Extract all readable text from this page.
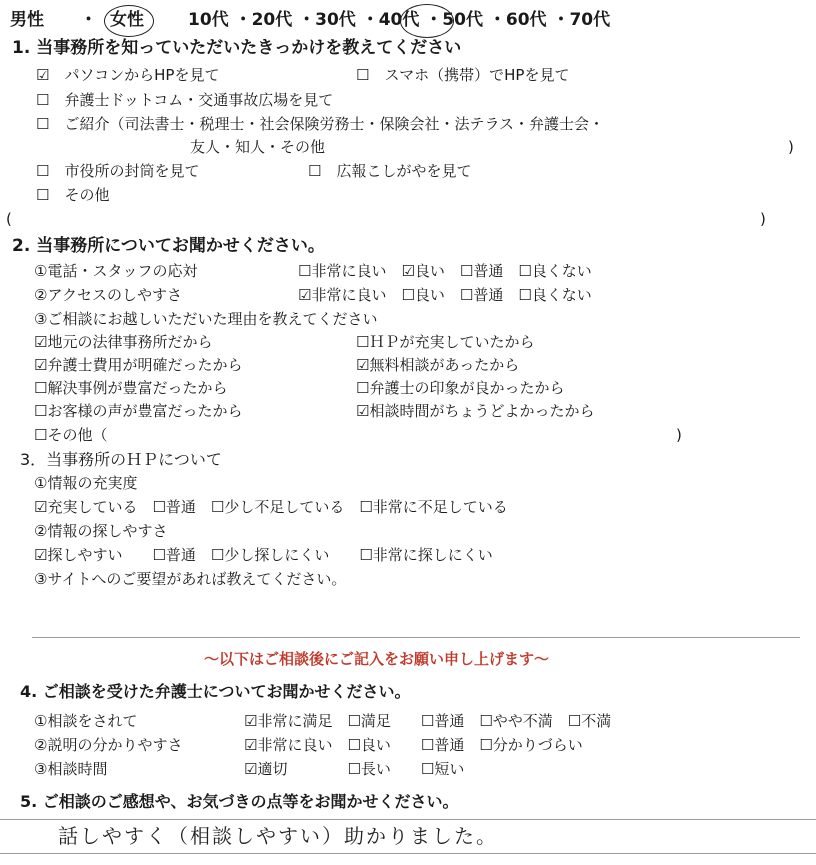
男性 ・ 女性	10代 ・20代 ・30代 ・40代 ・50代 ・60代 ・70代
1. 当事務所を知っていただいたきっかけを教えてください
☑　パソコンからHPを見て	☐　スマホ（携帯）でHPを見て
☐　弁護士ドットコム・交通事故広場を見て
☐　ご紹介（司法書士・税理士・社会保険労務士・保険会社・法テラス・弁護士会・
友人・知人・その他	)
☐　市役所の封筒を見て	☐　広報こしがやを見て
☐　その他
(	)
2. 当事務所についてお聞かせください。
①電話・スタッフの応対	☐非常に良い　☑良い　☐普通　☐良くない
②アクセスのしやすさ	☑非常に良い　☐良い　☐普通　☐良くない
③ご相談にお越しいただいた理由を教えてください
☑地元の法律事務所だから	☐ＨＰが充実していたから
☑弁護士費用が明確だったから	☑無料相談があったから
☐解決事例が豊富だったから	☐弁護士の印象が良かったから
☐お客様の声が豊富だったから	☑相談時間がちょうどよかったから
☐その他（	)
3．当事務所のＨＰについて
①情報の充実度
☑充実している　☐普通　☐少し不足している　☐非常に不足している
②情報の探しやすさ
☑探しやすい　　☐普通　☐少し探しにくい　　☐非常に探しにくい
③サイトへのご要望があれば教えてください。
～以下はご相談後にご記入をお願い申し上げます～
4. ご相談を受けた弁護士についてお聞かせください。
①相談をされて	☑非常に満足　☐満足　　☐普通　☐やや不満　☐不満
②説明の分かりやすさ	☑非常に良い　☐良い　　☐普通　☐分かりづらい
③相談時間	☑適切　　　　☐長い　　☐短い
5. ご相談のご感想や、お気づきの点等をお聞かせください。
話しやすく（相談しやすい）助かりました。
